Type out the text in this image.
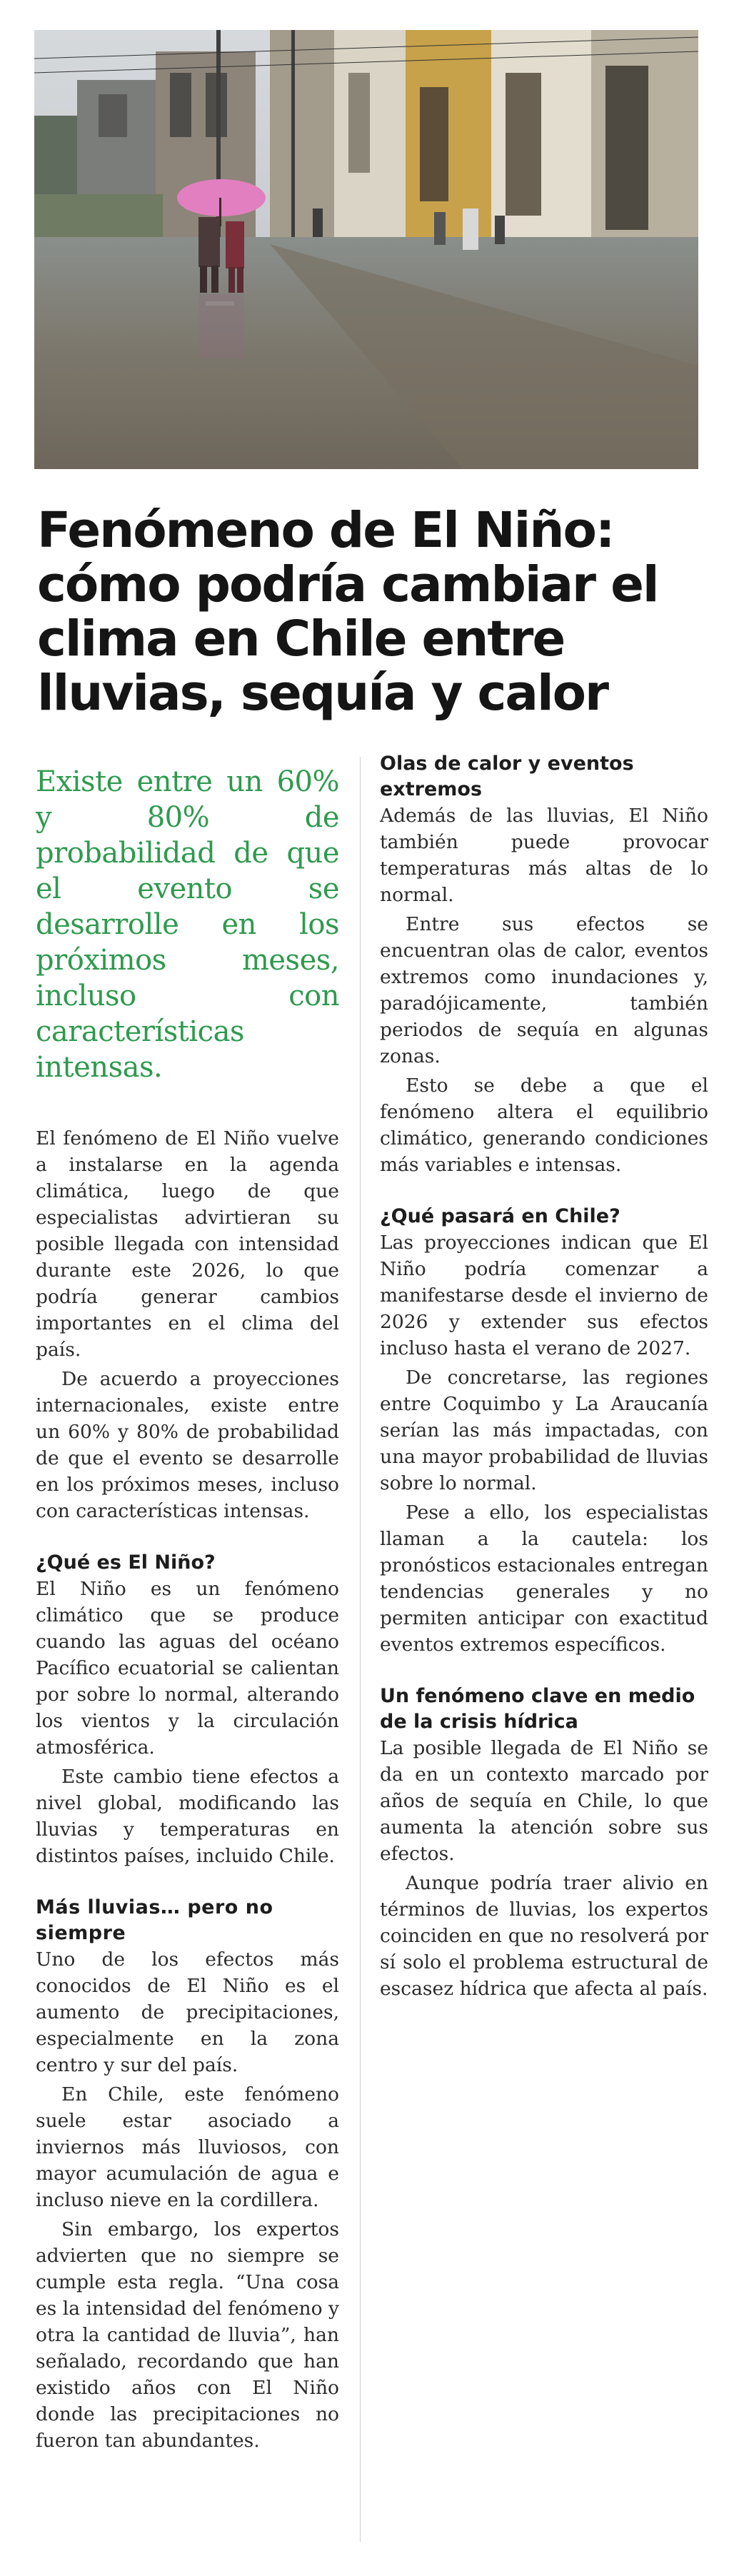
Fenómeno de El Niño: cómo podría cambiar el clima en Chile entre lluvias, sequía y calor

Existe entre un 60% y 80% de probabilidad de que el evento se desarrolle en los próximos meses, incluso con características intensas.

El fenómeno de El Niño vuelve a instalarse en la agenda climática, luego de que especialistas advirtieran su posible llegada con intensidad durante este 2026, lo que podría generar cambios importantes en el clima del país.

De acuerdo a proyecciones internacionales, existe entre un 60% y 80% de probabilidad de que el evento se desarrolle en los próximos meses, incluso con características intensas.

¿Qué es El Niño?

El Niño es un fenómeno climático que se produce cuando las aguas del océano Pacífico ecuatorial se calientan por sobre lo normal, alterando los vientos y la circulación atmosférica.

Este cambio tiene efectos a nivel global, modificando las lluvias y temperaturas en distintos países, incluido Chile.

Más lluvias… pero no siempre

Uno de los efectos más conocidos de El Niño es el aumento de precipitaciones, especialmente en la zona centro y sur del país.

En Chile, este fenómeno suele estar asociado a inviernos más lluviosos, con mayor acumulación de agua e incluso nieve en la cordillera.

Sin embargo, los expertos advierten que no siempre se cumple esta regla. “Una cosa es la intensidad del fenómeno y otra la cantidad de lluvia”, han señalado, recordando que han existido años con El Niño donde las precipitaciones no fueron tan abundantes.

Olas de calor y eventos extremos

Además de las lluvias, El Niño también puede provocar temperaturas más altas de lo normal.

Entre sus efectos se encuentran olas de calor, eventos extremos como inundaciones y, paradójicamente, también periodos de sequía en algunas zonas.

Esto se debe a que el fenómeno altera el equilibrio climático, generando condiciones más variables e intensas.

¿Qué pasará en Chile?

Las proyecciones indican que El Niño podría comenzar a manifestarse desde el invierno de 2026 y extender sus efectos incluso hasta el verano de 2027.

De concretarse, las regiones entre Coquimbo y La Araucanía serían las más impactadas, con una mayor probabilidad de lluvias sobre lo normal.

Pese a ello, los especialistas llaman a la cautela: los pronósticos estacionales entregan tendencias generales y no permiten anticipar con exactitud eventos extremos específicos.

Un fenómeno clave en medio de la crisis hídrica

La posible llegada de El Niño se da en un contexto marcado por años de sequía en Chile, lo que aumenta la atención sobre sus efectos.

Aunque podría traer alivio en términos de lluvias, los expertos coinciden en que no resolverá por sí solo el problema estructural de escasez hídrica que afecta al país.
